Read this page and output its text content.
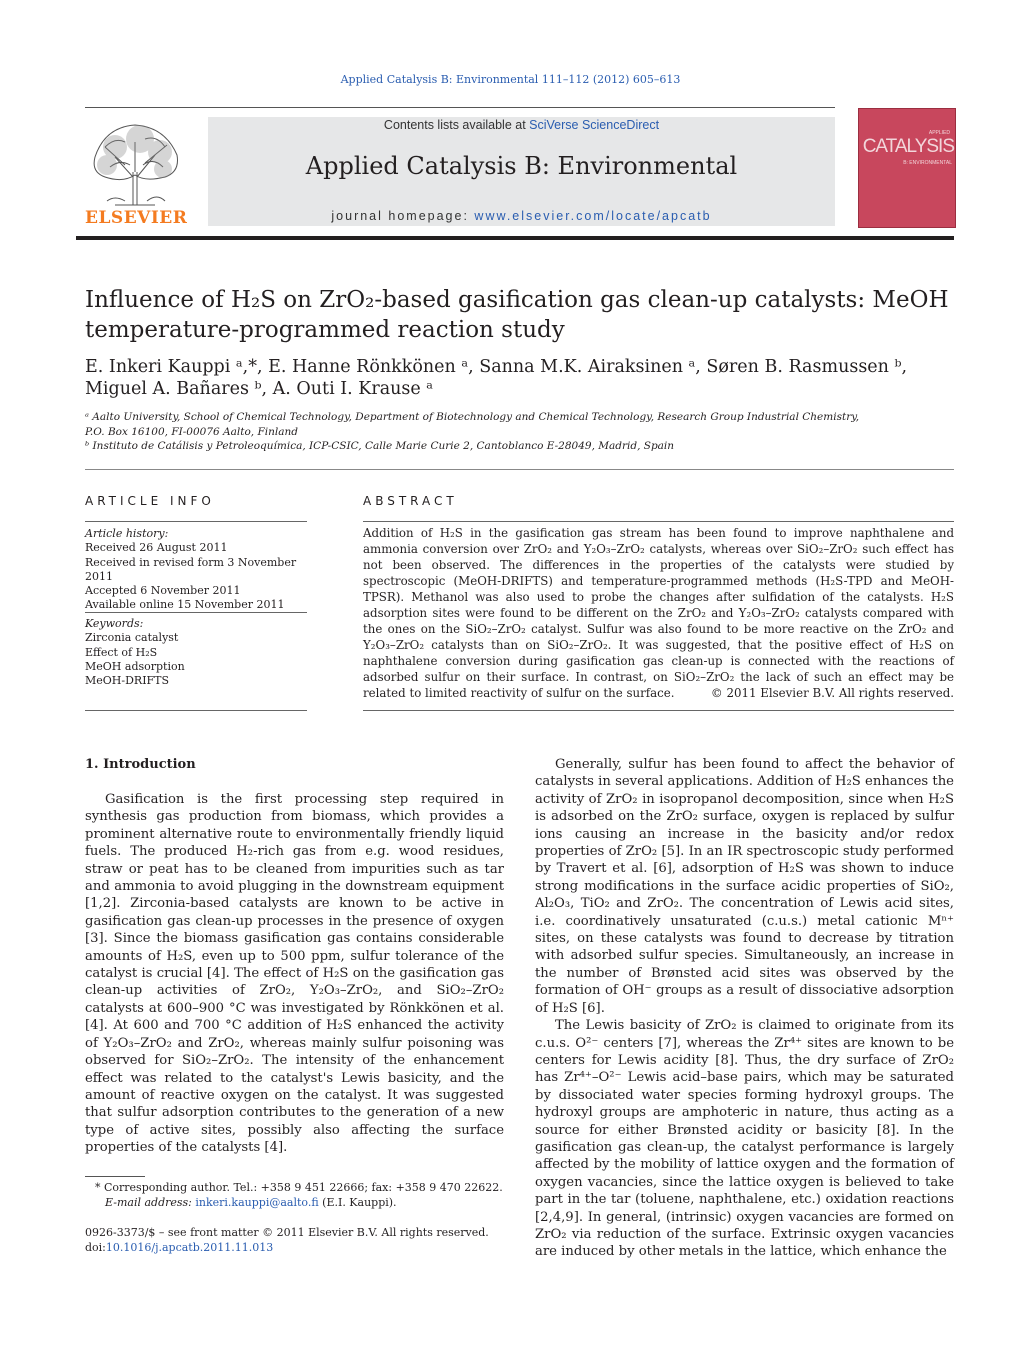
Applied Catalysis B: Environmental 111–112 (2012) 605–613
ELSEVIER
Contents lists available at SciVerse ScienceDirect
Applied Catalysis B: Environmental
journal homepage: www.elsevier.com/locate/apcatb
APPLIED
CATALYSIS
B: ENVIRONMENTAL
Influence of H₂S on ZrO₂-based gasification gas clean-up catalysts: MeOH temperature-programmed reaction study
E. Inkeri Kauppi ᵃ,*, E. Hanne Rönkkönen ᵃ, Sanna M.K. Airaksinen ᵃ, Søren B. Rasmussen ᵇ,
Miguel A. Bañares ᵇ, A. Outi I. Krause ᵃ
ᵃ Aalto University, School of Chemical Technology, Department of Biotechnology and Chemical Technology, Research Group Industrial Chemistry,
P.O. Box 16100, FI-00076 Aalto, Finland
ᵇ Instituto de Catálisis y Petroleoquímica, ICP-CSIC, Calle Marie Curie 2, Cantoblanco E-28049, Madrid, Spain
ARTICLE INFO
Article history:
Received 26 August 2011
Received in revised form 3 November 2011
Accepted 6 November 2011
Available online 15 November 2011
Keywords:
Zirconia catalyst
Effect of H₂S
MeOH adsorption
MeOH-DRIFTS
ABSTRACT
Addition of H₂S in the gasification gas stream has been found to improve naphthalene and ammonia conversion over ZrO₂ and Y₂O₃–ZrO₂ catalysts, whereas over SiO₂–ZrO₂ such effect has not been observed. The differences in the properties of the catalysts were studied by spectroscopic (MeOH-DRIFTS) and temperature-programmed methods (H₂S-TPD and MeOH-TPSR). Methanol was also used to probe the changes after sulfidation of the catalysts. H₂S adsorption sites were found to be different on the ZrO₂ and Y₂O₃–ZrO₂ catalysts compared with the ones on the SiO₂–ZrO₂ catalyst. Sulfur was also found to be more reactive on the ZrO₂ and Y₂O₃–ZrO₂ catalysts than on SiO₂–ZrO₂. It was suggested, that the positive effect of H₂S on naphthalene conversion during gasification gas clean-up is connected with the reactions of adsorbed sulfur on their surface. In contrast, on SiO₂–ZrO₂ the lack of such an effect may be related to limited reactivity of sulfur on the surface.	© 2011 Elsevier B.V. All rights reserved.
1. Introduction

Gasification is the first processing step required in synthesis gas production from biomass, which provides a prominent alternative route to environmentally friendly liquid fuels. The produced H₂-rich gas from e.g. wood residues, straw or peat has to be cleaned from impurities such as tar and ammonia to avoid plugging in the downstream equipment [1,2]. Zirconia-based catalysts are known to be active in gasification gas clean-up processes in the presence of oxygen [3]. Since the biomass gasification gas contains considerable amounts of H₂S, even up to 500 ppm, sulfur tolerance of the catalyst is crucial [4]. The effect of H₂S on the gasification gas clean-up activities of ZrO₂, Y₂O₃–ZrO₂, and SiO₂–ZrO₂ catalysts at 600–900 °C was investigated by Rönkkönen et al. [4]. At 600 and 700 °C addition of H₂S enhanced the activity of Y₂O₃–ZrO₂ and ZrO₂, whereas mainly sulfur poisoning was observed for SiO₂–ZrO₂. The intensity of the enhancement effect was related to the catalyst's Lewis basicity, and the amount of reactive oxygen on the catalyst. It was suggested that sulfur adsorption contributes to the generation of a new type of active sites, possibly also affecting the surface properties of the catalysts [4].

Generally, sulfur has been found to affect the behavior of catalysts in several applications. Addition of H₂S enhances the activity of ZrO₂ in isopropanol decomposition, since when H₂S is adsorbed on the ZrO₂ surface, oxygen is replaced by sulfur ions causing an increase in the basicity and/or redox properties of ZrO₂ [5]. In an IR spectroscopic study performed by Travert et al. [6], adsorption of H₂S was shown to induce strong modifications in the surface acidic properties of SiO₂, Al₂O₃, TiO₂ and ZrO₂. The concentration of Lewis acid sites, i.e. coordinatively unsaturated (c.u.s.) metal cationic Mⁿ⁺ sites, on these catalysts was found to decrease by titration with adsorbed sulfur species. Simultaneously, an increase in the number of Brønsted acid sites was observed by the formation of OH⁻ groups as a result of dissociative adsorption of H₂S [6].

The Lewis basicity of ZrO₂ is claimed to originate from its c.u.s. O²⁻ centers [7], whereas the Zr⁴⁺ sites are known to be centers for Lewis acidity [8]. Thus, the dry surface of ZrO₂ has Zr⁴⁺–O²⁻ Lewis acid–base pairs, which may be saturated by dissociated water species forming hydroxyl groups. The hydroxyl groups are amphoteric in nature, thus acting as a source for either Brønsted acidity or basicity [8]. In the gasification gas clean-up, the catalyst performance is largely affected by the mobility of lattice oxygen and the formation of oxygen vacancies, since the lattice oxygen is believed to take part in the tar (toluene, naphthalene, etc.) oxidation reactions [2,4,9]. In general, (intrinsic) oxygen vacancies are formed on ZrO₂ via reduction of the surface. Extrinsic oxygen vacancies are induced by other metals in the lattice, which enhance the

* Corresponding author. Tel.: +358 9 451 22666; fax: +358 9 470 22622.
E-mail address: inkeri.kauppi@aalto.fi (E.I. Kauppi).
0926-3373/$ – see front matter © 2011 Elsevier B.V. All rights reserved.
doi:10.1016/j.apcatb.2011.11.013
